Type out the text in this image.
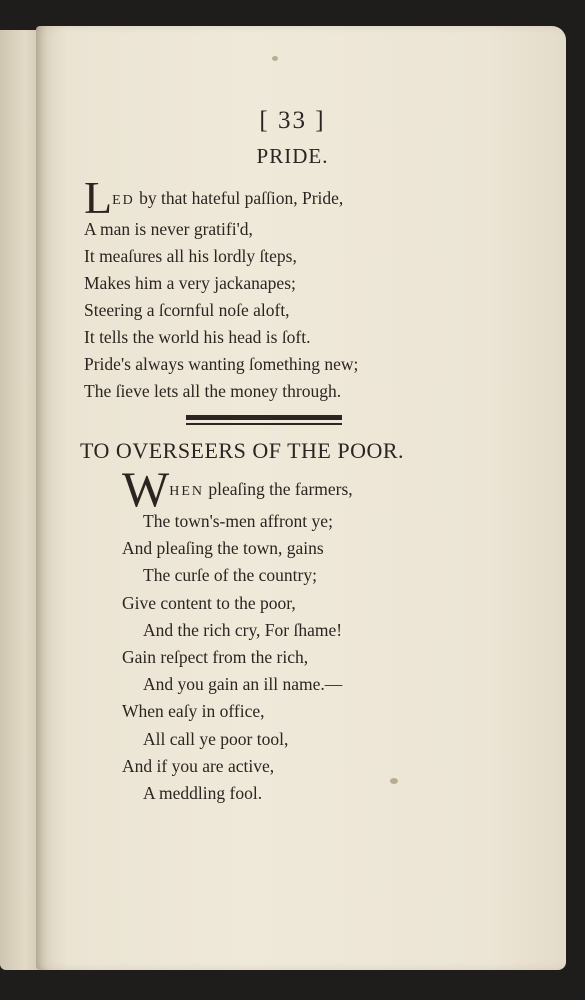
[ 33 ]
PRIDE.
LED by that hateful paſſion, Pride,
A man is never gratifi'd,
It meaſures all his lordly ſteps,
Makes him a very jackanapes;
Steering a ſcornful noſe aloft,
It tells the world his head is ſoft.
Pride's always wanting ſomething new;
The ſieve lets all the money through.
TO OVERSEERS OF THE POOR.
WHEN pleaſing the farmers,
The town's-men affront ye;
And pleaſing the town, gains
The curſe of the country;
Give content to the poor,
And the rich cry, For ſhame!
Gain reſpect from the rich,
And you gain an ill name.—
When eaſy in office,
All call ye poor tool,
And if you are active,
A meddling fool.
